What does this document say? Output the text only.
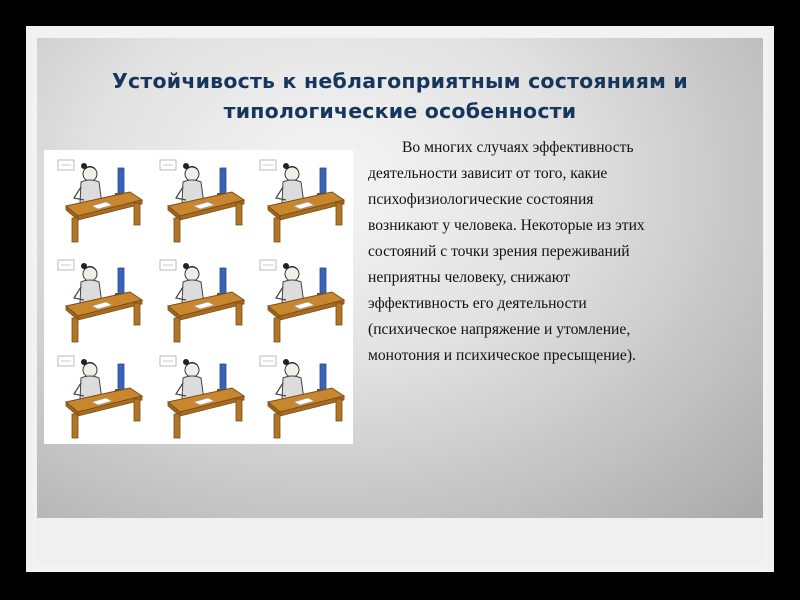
Устойчивость к неблагоприятным состояниям и
типологические особенности

Во многих случаях эффективность
деятельности зависит от того, какие
психофизиологические состояния
возникают у человека. Некоторые из этих
состояний с точки зрения переживаний
неприятны человеку, снижают
эффективность его деятельности
(психическое напряжение и утомление,
монотония и психическое пресыщение).
